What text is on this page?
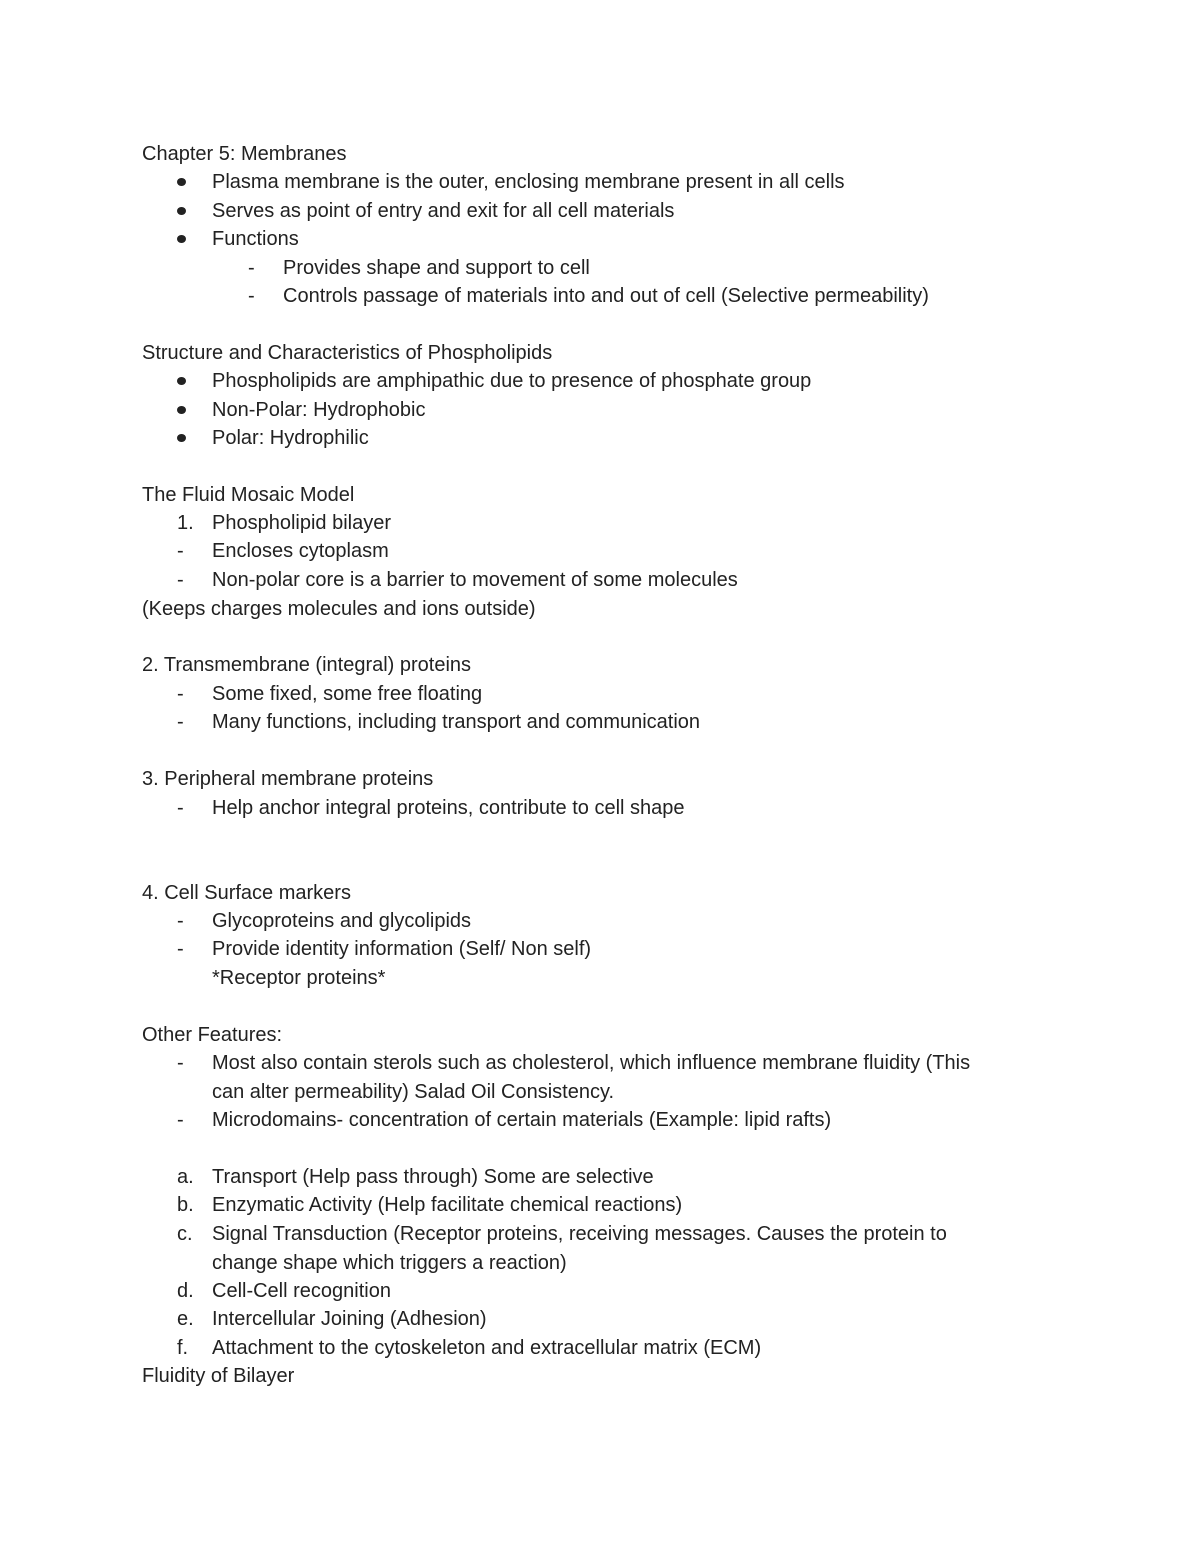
Chapter 5: Membranes
Plasma membrane is the outer, enclosing membrane present in all cells
Serves as point of entry and exit for all cell materials
Functions
- Provides shape and support to cell
- Controls passage of materials into and out of cell (Selective permeability)
Structure and Characteristics of Phospholipids
Phospholipids are amphipathic due to presence of phosphate group
Non-Polar: Hydrophobic
Polar: Hydrophilic
The Fluid Mosaic Model
1. Phospholipid bilayer
- Encloses cytoplasm
- Non-polar core is a barrier to movement of some molecules
(Keeps charges molecules and ions outside)
2. Transmembrane (integral) proteins
- Some fixed, some free floating
- Many functions, including transport and communication
3. Peripheral membrane proteins
- Help anchor integral proteins, contribute to cell shape
4. Cell Surface markers
- Glycoproteins and glycolipids
- Provide identity information (Self/ Non self)
*Receptor proteins*
Other Features:
- Most also contain sterols such as cholesterol, which influence membrane fluidity (This
can alter permeability) Salad Oil Consistency.
- Microdomains- concentration of certain materials (Example: lipid rafts)
a. Transport (Help pass through) Some are selective
b. Enzymatic Activity (Help facilitate chemical reactions)
c. Signal Transduction (Receptor proteins, receiving messages. Causes the protein to
change shape which triggers a reaction)
d. Cell-Cell recognition
e. Intercellular Joining (Adhesion)
f. Attachment to the cytoskeleton and extracellular matrix (ECM)
Fluidity of Bilayer
